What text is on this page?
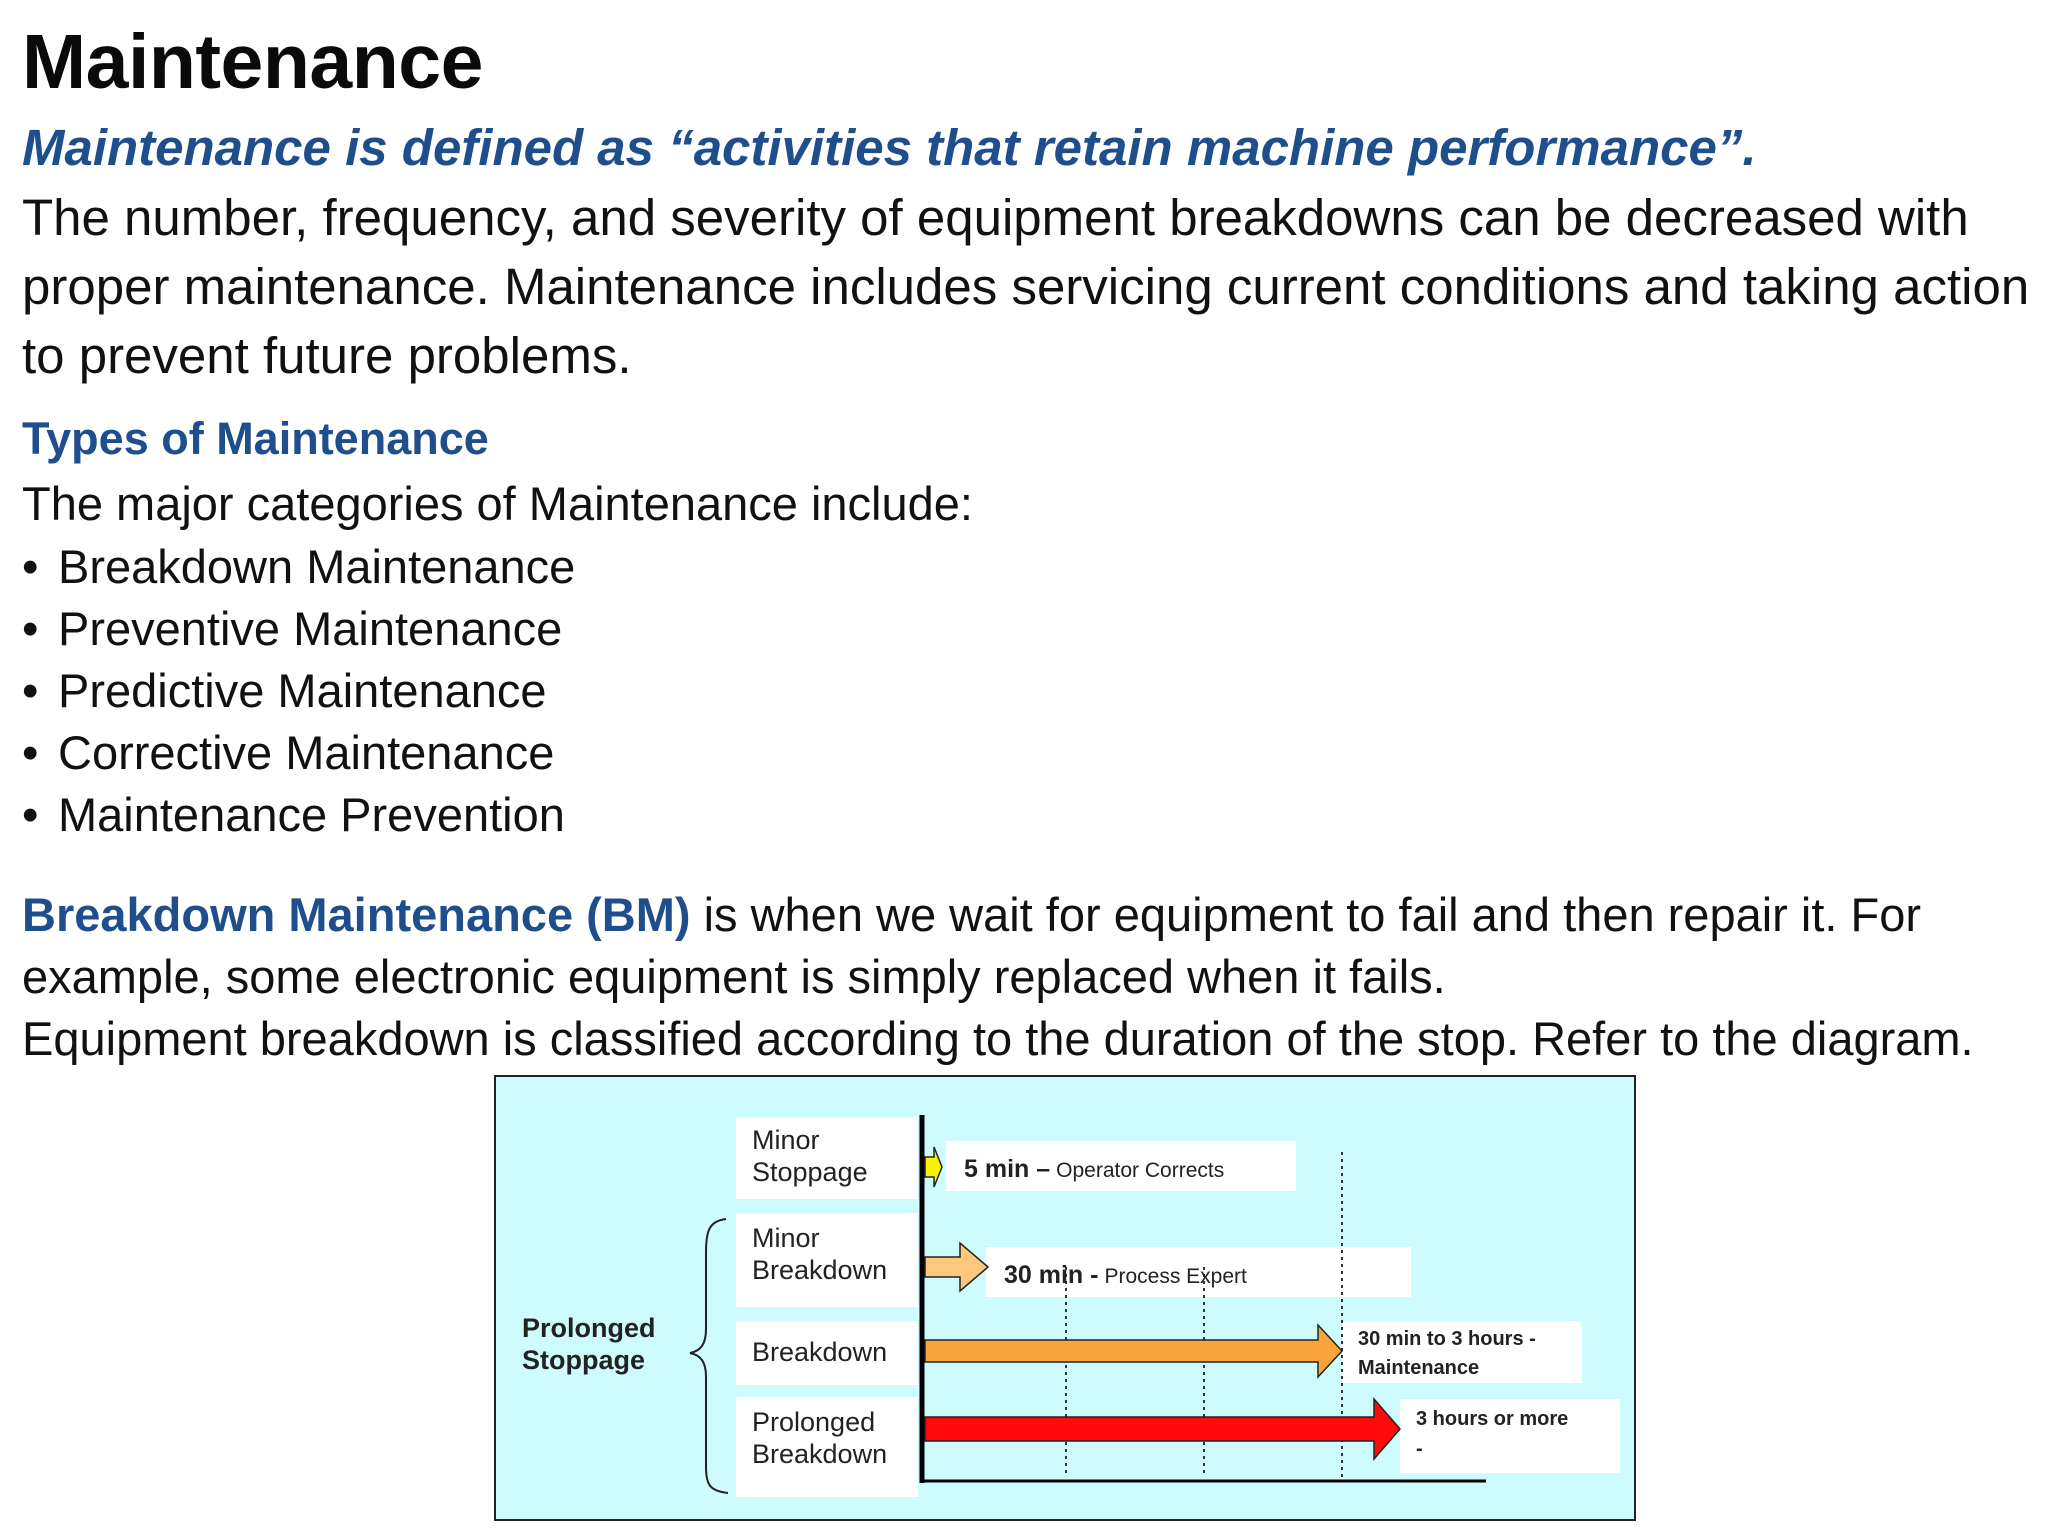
Maintenance

Maintenance is defined as “activities that retain machine performance”.

The number, frequency, and severity of equipment breakdowns can be decreased with proper maintenance. Maintenance includes servicing current conditions and taking action to prevent future problems.

Types of Maintenance

The major categories of Maintenance include:

• Breakdown Maintenance
• Preventive Maintenance
• Predictive Maintenance
• Corrective Maintenance
• Maintenance Prevention

Breakdown Maintenance (BM) is when we wait for equipment to fail and then repair it. For example, some electronic equipment is simply replaced when it fails.
Equipment breakdown is classified according to the duration of the stop. Refer to the diagram.

Prolonged
Stoppage
Minor
Stoppage
Minor
Breakdown
Breakdown
Prolonged
Breakdown
5 min – Operator Corrects
30 min - Process Expert
30 min to 3 hours -
Maintenance
3 hours or more
-
